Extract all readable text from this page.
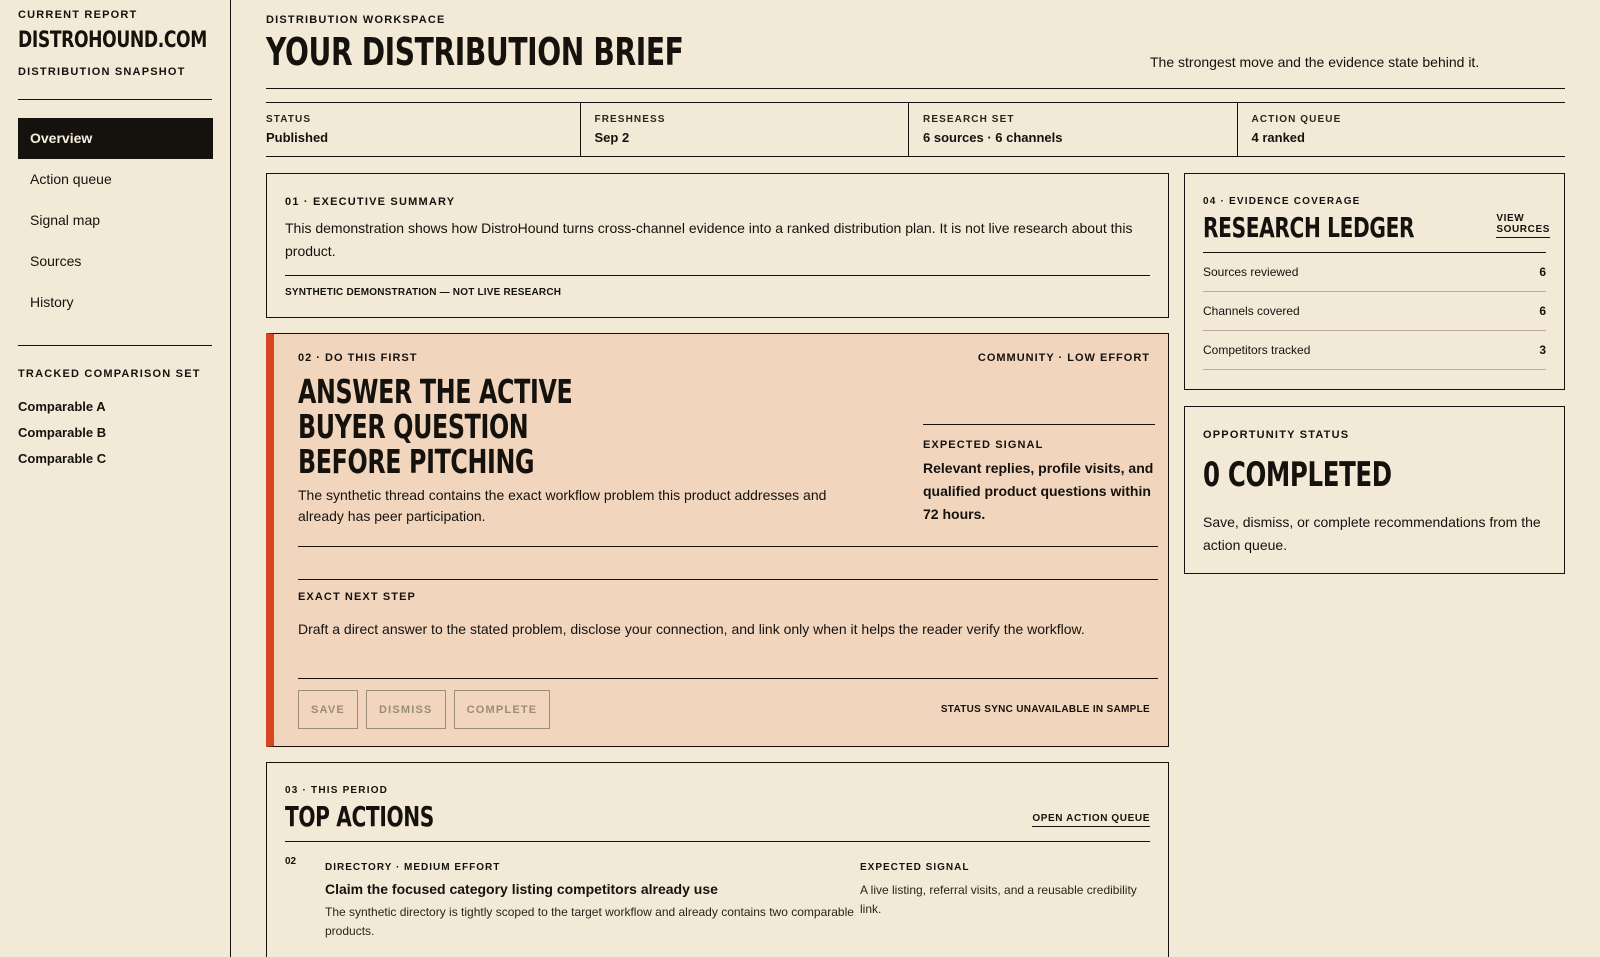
CURRENT REPORT
DISTROHOUND.COM
DISTRIBUTION SNAPSHOT
Overview
Action queue
Signal map
Sources
History
TRACKED COMPARISON SET
Comparable A
Comparable B
Comparable C
DISTRIBUTION WORKSPACE
YOUR DISTRIBUTION BRIEF	The strongest move and the evidence state behind it.
STATUS
Published
FRESHNESS
Sep 2
RESEARCH SET
6 sources · 6 channels
ACTION QUEUE
4 ranked
01 · EXECUTIVE SUMMARY

This demonstration shows how DistroHound turns cross-channel evidence into a ranked distribution plan. It is not live research about this product.

SYNTHETIC DEMONSTRATION — NOT LIVE RESEARCH
02 · DO THIS FIRST	COMMUNITY · LOW EFFORT
ANSWER THE ACTIVE
BUYER QUESTION
BEFORE PITCHING

The synthetic thread contains the exact workflow problem this product addresses and already has peer participation.

EXPECTED SIGNAL
Relevant replies, profile visits, and qualified product questions within 72 hours.
EXACT NEXT STEP

Draft a direct answer to the stated problem, disclose your connection, and link only when it helps the reader verify the workflow.

SAVE	DISMISS	COMPLETE	STATUS SYNC UNAVAILABLE IN SAMPLE
03 · THIS PERIOD
TOP ACTIONS	OPEN ACTION QUEUE
02
DIRECTORY · MEDIUM EFFORT
Claim the focused category listing competitors already use
The synthetic directory is tightly scoped to the target workflow and already contains two comparable products.
EXPECTED SIGNAL
A live listing, referral visits, and a reusable credibility link.
04 · EVIDENCE COVERAGE
RESEARCH LEDGER	VIEW SOURCES
Sources reviewed	6
Channels covered	6
Competitors tracked	3
OPPORTUNITY STATUS
0 COMPLETED

Save, dismiss, or complete recommendations from the action queue.
